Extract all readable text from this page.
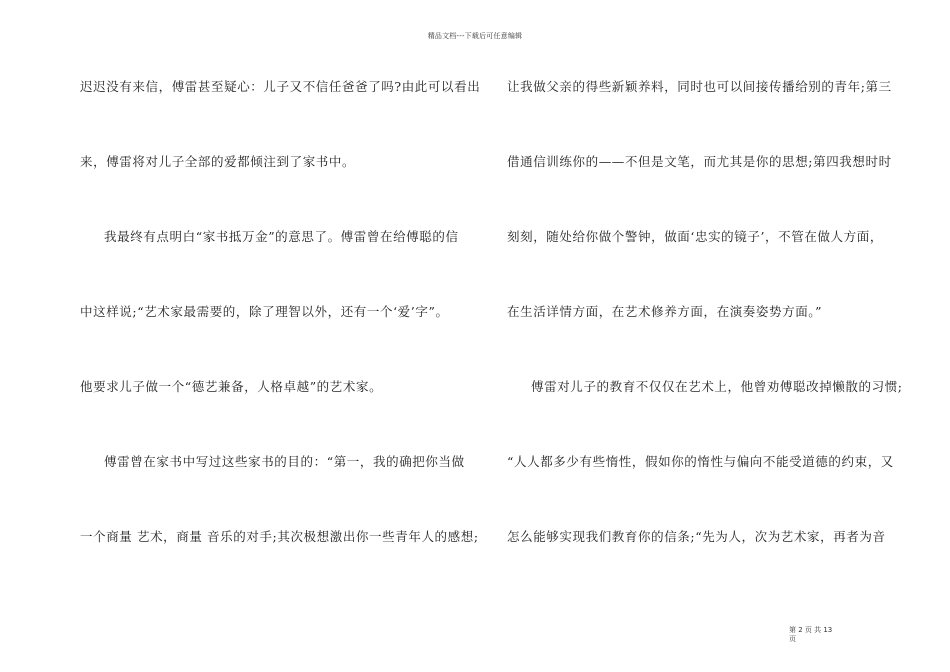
精品文档---下载后可任意编辑
迟迟没有来信，傅雷甚至疑心：儿子又不信任爸爸了吗?由此可以看出
来，傅雷将对儿子全部的爱都倾注到了家书中。
我最终有点明白“家书抵万金”的意思了。傅雷曾在给傅聪的信
中这样说;“艺术家最需要的，除了理智以外，还有一个‘爱’字”。
他要求儿子做一个“德艺兼备，人格卓越”的艺术家。
傅雷曾在家书中写过这些家书的目的：“第一，我的确把你当做
一个商量 艺术，商量 音乐的对手;其次极想激出你一些青年人的感想;
让我做父亲的得些新颖养料，同时也可以间接传播给别的青年;第三
借通信训练你的——不但是文笔，而尤其是你的思想;第四我想时时
刻刻，随处给你做个警钟，做面‘忠实的镜子’，不管在做人方面，
在生活详情方面，在艺术修养方面，在演奏姿势方面。”
傅雷对儿子的教育不仅仅在艺术上，他曾劝傅聪改掉懒散的习惯;
“人人都多少有些惰性，假如你的惰性与偏向不能受道德的约束，又
怎么能够实现我们教育你的信条;“先为人，次为艺术家，再者为音
第 2 页 共 13
页
